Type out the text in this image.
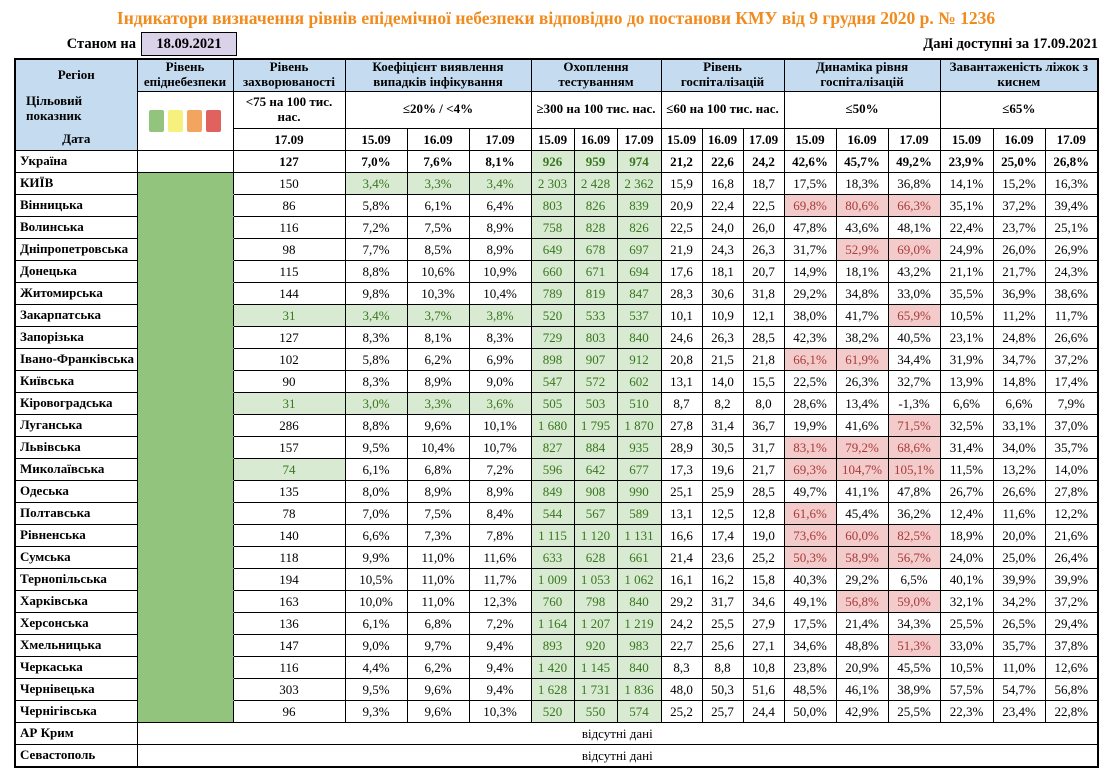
Індикатори визначення рівнів епідемічної небезпеки відповідно до постанови КМУ від 9 грудня 2020 р. № 1236
Станом на	18.09.2021	Дані доступні за 17.09.2021
Регіон
Цільовий показник
Дата	Рівень епіднебезпеки	Рівень захворюваності	Коефіцієнт виявлення випадків інфікування			Охоплення тестуванням			Рівень госпіталізацій			Динаміка рівня госпіталізацій			Завантаженість ліжок з киснем		

		<75 на 100 тис. нас.	≤20% / <4%			≥300 на 100 тис. нас.			≤60 на 100 тис. нас.			≤50%			≤65%		
		17.09	15.09	16.09	17.09	15.09	16.09	17.09	15.09	16.09	17.09	15.09	16.09	17.09	15.09	16.09	17.09
Україна		127	7,0%	7,6%	8,1%	926	959	974	21,2	22,6	24,2	42,6%	45,7%	49,2%	23,9%	25,0%	26,8%
КИЇВ		150	3,4%	3,3%	3,4%	2 303	2 428	2 362	15,9	16,8	18,7	17,5%	18,3%	36,8%	14,1%	15,2%	16,3%
Вінницька		86	5,8%	6,1%	6,4%	803	826	839	20,9	22,4	22,5	69,8%	80,6%	66,3%	35,1%	37,2%	39,4%
Волинська		116	7,2%	7,5%	8,9%	758	828	826	22,5	24,0	26,0	47,8%	43,6%	48,1%	22,4%	23,7%	25,1%
Дніпропетровська		98	7,7%	8,5%	8,9%	649	678	697	21,9	24,3	26,3	31,7%	52,9%	69,0%	24,9%	26,0%	26,9%
Донецька		115	8,8%	10,6%	10,9%	660	671	694	17,6	18,1	20,7	14,9%	18,1%	43,2%	21,1%	21,7%	24,3%
Житомирська		144	9,8%	10,3%	10,4%	789	819	847	28,3	30,6	31,8	29,2%	34,8%	33,0%	35,5%	36,9%	38,6%
Закарпатська		31	3,4%	3,7%	3,8%	520	533	537	10,1	10,9	12,1	38,0%	41,7%	65,9%	10,5%	11,2%	11,7%
Запорізька		127	8,3%	8,1%	8,3%	729	803	840	24,6	26,3	28,5	42,3%	38,2%	40,5%	23,1%	24,8%	26,6%
Івано-Франківська		102	5,8%	6,2%	6,9%	898	907	912	20,8	21,5	21,8	66,1%	61,9%	34,4%	31,9%	34,7%	37,2%
Київська		90	8,3%	8,9%	9,0%	547	572	602	13,1	14,0	15,5	22,5%	26,3%	32,7%	13,9%	14,8%	17,4%
Кіровоградська		31	3,0%	3,3%	3,6%	505	503	510	8,7	8,2	8,0	28,6%	13,4%	-1,3%	6,6%	6,6%	7,9%
Луганська		286	8,8%	9,6%	10,1%	1 680	1 795	1 870	27,8	31,4	36,7	19,9%	41,6%	71,5%	32,5%	33,1%	37,0%
Львівська		157	9,5%	10,4%	10,7%	827	884	935	28,9	30,5	31,7	83,1%	79,2%	68,6%	31,4%	34,0%	35,7%
Миколаївська		74	6,1%	6,8%	7,2%	596	642	677	17,3	19,6	21,7	69,3%	104,7%	105,1%	11,5%	13,2%	14,0%
Одеська		135	8,0%	8,9%	8,9%	849	908	990	25,1	25,9	28,5	49,7%	41,1%	47,8%	26,7%	26,6%	27,8%
Полтавська		78	7,0%	7,5%	8,4%	544	567	589	13,1	12,5	12,8	61,6%	45,4%	36,2%	12,4%	11,6%	12,2%
Рівненська		140	6,6%	7,3%	7,8%	1 115	1 120	1 131	16,6	17,4	19,0	73,6%	60,0%	82,5%	18,9%	20,0%	21,6%
Сумська		118	9,9%	11,0%	11,6%	633	628	661	21,4	23,6	25,2	50,3%	58,9%	56,7%	24,0%	25,0%	26,4%
Тернопільська		194	10,5%	11,0%	11,7%	1 009	1 053	1 062	16,1	16,2	15,8	40,3%	29,2%	6,5%	40,1%	39,9%	39,9%
Харківська		163	10,0%	11,0%	12,3%	760	798	840	29,2	31,7	34,6	49,1%	56,8%	59,0%	32,1%	34,2%	37,2%
Херсонська		136	6,1%	6,8%	7,2%	1 164	1 207	1 219	24,2	25,5	27,9	17,5%	21,4%	34,3%	25,5%	26,5%	29,4%
Хмельницька		147	9,0%	9,7%	9,4%	893	920	983	22,7	25,6	27,1	34,6%	48,8%	51,3%	33,0%	35,7%	37,8%
Черкаська		116	4,4%	6,2%	9,4%	1 420	1 145	840	8,3	8,8	10,8	23,8%	20,9%	45,5%	10,5%	11,0%	12,6%
Чернівецька		303	9,5%	9,6%	9,4%	1 628	1 731	1 836	48,0	50,3	51,6	48,5%	46,1%	38,9%	57,5%	54,7%	56,8%
Чернігівська		96	9,3%	9,6%	10,3%	520	550	574	25,2	25,7	24,4	50,0%	42,9%	25,5%	22,3%	23,4%	22,8%
АР Крим	відсутні дані																
Севастополь	відсутні дані																
